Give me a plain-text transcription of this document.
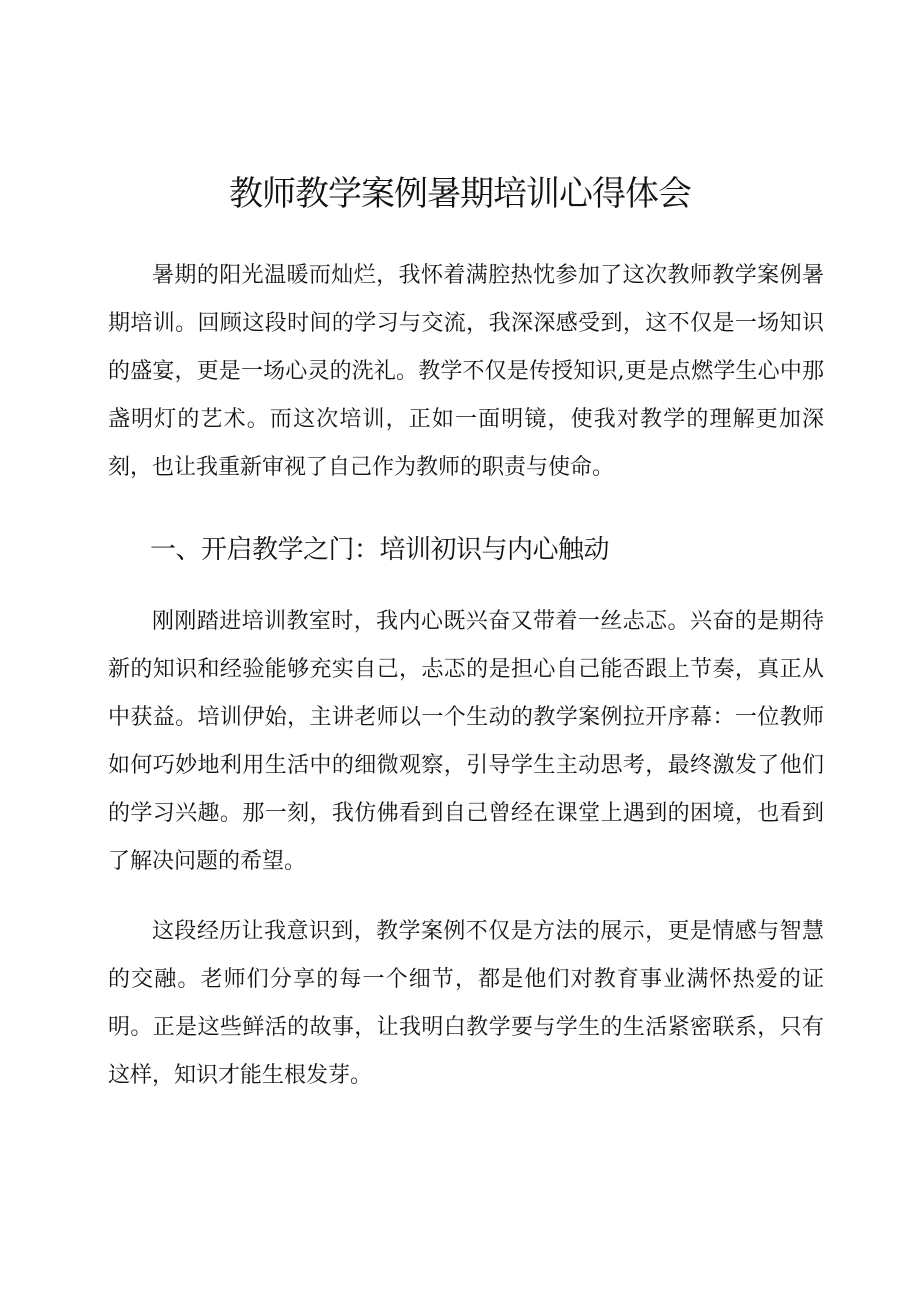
教师教学案例暑期培训心得体会

暑期的阳光温暖而灿烂，我怀着满腔热忱参加了这次教师教学案例暑期培训。回顾这段时间的学习与交流，我深深感受到，这不仅是一场知识的盛宴，更是一场心灵的洗礼。教学不仅是传授知识,更是点燃学生心中那盏明灯的艺术。而这次培训，正如一面明镜，使我对教学的理解更加深刻，也让我重新审视了自己作为教师的职责与使命。

一、开启教学之门：培训初识与内心触动

刚刚踏进培训教室时，我内心既兴奋又带着一丝忐忑。兴奋的是期待新的知识和经验能够充实自己，忐忑的是担心自己能否跟上节奏，真正从中获益。培训伊始，主讲老师以一个生动的教学案例拉开序幕：一位教师如何巧妙地利用生活中的细微观察，引导学生主动思考，最终激发了他们的学习兴趣。那一刻，我仿佛看到自己曾经在课堂上遇到的困境，也看到了解决问题的希望。

这段经历让我意识到，教学案例不仅是方法的展示，更是情感与智慧的交融。老师们分享的每一个细节，都是他们对教育事业满怀热爱的证明。正是这些鲜活的故事，让我明白教学要与学生的生活紧密联系，只有这样，知识才能生根发芽。
